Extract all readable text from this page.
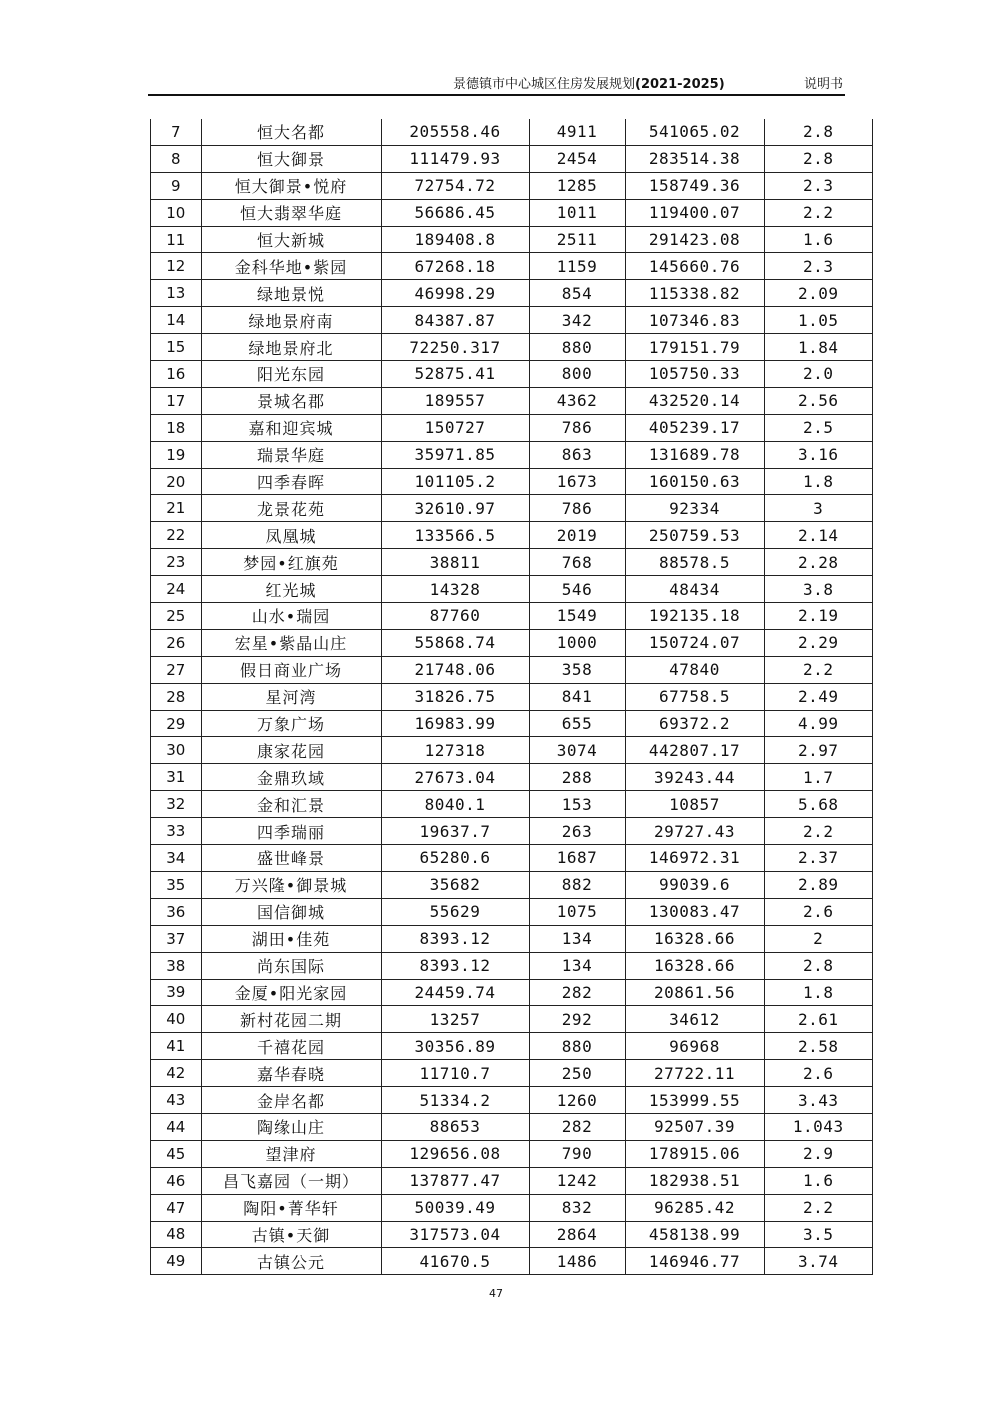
景德镇市中心城区住房发展规划(2021-2025)	说明书
7	恒大名都	205558.46	4911	541065.02	2.8
8	恒大御景	111479.93	2454	283514.38	2.8
9	恒大御景•悦府	72754.72	1285	158749.36	2.3
10	恒大翡翠华庭	56686.45	1011	119400.07	2.2
11	恒大新城	189408.8	2511	291423.08	1.6
12	金科华地•紫园	67268.18	1159	145660.76	2.3
13	绿地景悦	46998.29	854	115338.82	2.09
14	绿地景府南	84387.87	342	107346.83	1.05
15	绿地景府北	72250.317	880	179151.79	1.84
16	阳光东园	52875.41	800	105750.33	2.0
17	景城名郡	189557	4362	432520.14	2.56
18	嘉和迎宾城	150727	786	405239.17	2.5
19	瑞景华庭	35971.85	863	131689.78	3.16
20	四季春晖	101105.2	1673	160150.63	1.8
21	龙景花苑	32610.97	786	92334	3
22	凤凰城	133566.5	2019	250759.53	2.14
23	梦园•红旗苑	38811	768	88578.5	2.28
24	红光城	14328	546	48434	3.8
25	山水•瑞园	87760	1549	192135.18	2.19
26	宏星•紫晶山庄	55868.74	1000	150724.07	2.29
27	假日商业广场	21748.06	358	47840	2.2
28	星河湾	31826.75	841	67758.5	2.49
29	万象广场	16983.99	655	69372.2	4.99
30	康家花园	127318	3074	442807.17	2.97
31	金鼎玖域	27673.04	288	39243.44	1.7
32	金和汇景	8040.1	153	10857	5.68
33	四季瑞丽	19637.7	263	29727.43	2.2
34	盛世峰景	65280.6	1687	146972.31	2.37
35	万兴隆•御景城	35682	882	99039.6	2.89
36	国信御城	55629	1075	130083.47	2.6
37	湖田•佳苑	8393.12	134	16328.66	2
38	尚东国际	8393.12	134	16328.66	2.8
39	金厦•阳光家园	24459.74	282	20861.56	1.8
40	新村花园二期	13257	292	34612	2.61
41	千禧花园	30356.89	880	96968	2.58
42	嘉华春晓	11710.7	250	27722.11	2.6
43	金岸名都	51334.2	1260	153999.55	3.43
44	陶缘山庄	88653	282	92507.39	1.043
45	望津府	129656.08	790	178915.06	2.9
46	昌飞嘉园（一期）	137877.47	1242	182938.51	1.6
47	陶阳•菁华轩	50039.49	832	96285.42	2.2
48	古镇•天御	317573.04	2864	458138.99	3.5
49	古镇公元	41670.5	1486	146946.77	3.74
47
